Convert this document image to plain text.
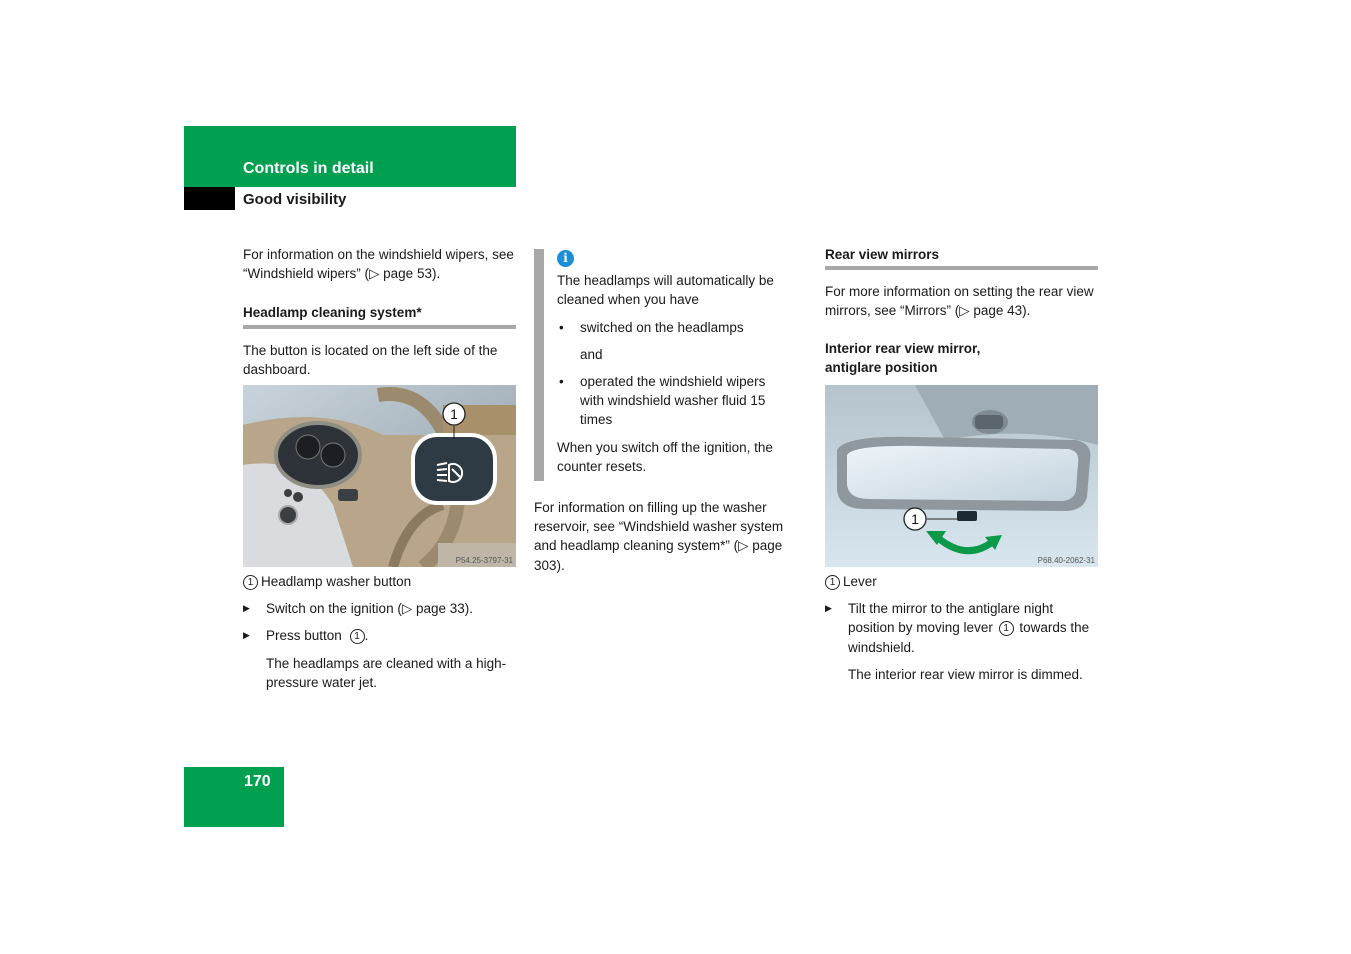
Controls in detail
Good visibility

For information on the windshield wipers, see “Windshield wipers” (▷ page 53).

Headlamp cleaning system*

The button is located on the left side of the dashboard.

1
P54.25-3797-31

1 Headlamp washer button

▶ Switch on the ignition (▷ page 33).

▶ Press button 1 .

The headlamps are cleaned with a high-pressure water jet.

i

The headlamps will automatically be cleaned when you have

• switched on the headlamps

and

• operated the windshield wipers with windshield washer fluid 15 times

When you switch off the ignition, the counter resets.

For information on filling up the washer reservoir, see “Windshield washer system and headlamp cleaning system*” (▷ page 303).

Rear view mirrors

For more information on setting the rear view mirrors, see “Mirrors” (▷ page 43).

Interior rear view mirror, antiglare position
1
P68.40-2062-31

1 Lever

▶ Tilt the mirror to the antiglare night position by moving lever 1 towards the windshield.

The interior rear view mirror is dimmed.

170
